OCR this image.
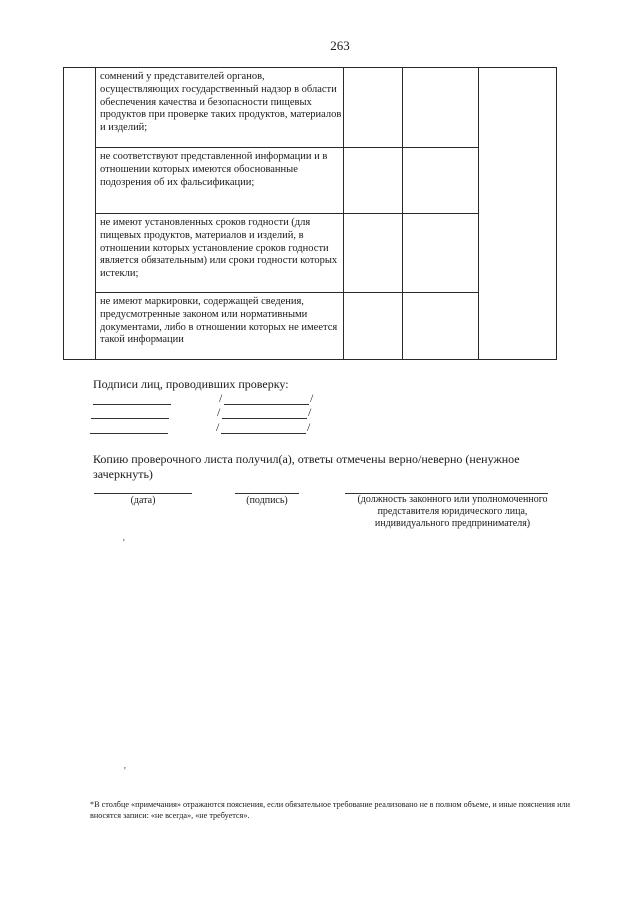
263
	сомнений у представителей органов, осуществляющих государственный надзор в области обеспечения качества и безопасности пищевых продуктов при проверке таких продуктов, материалов и изделий;			
	не соответствуют представленной информации и в отношении которых имеются обоснованные подозрения об их фальсификации;			
	не имеют установленных сроков годности (для пищевых продуктов, материалов и изделий, в отношении которых установление сроков годности является обязательным) или сроки годности которых истекли;			
	не имеют маркировки, содержащей сведения, предусмотренные законом или нормативными документами, либо в отношении которых не имеется такой информации			
Подписи лиц, проводивших проверку:
/	/
/	/
/	/
Копию проверочного листа получил(а), ответы отмечены верно/неверно (ненужное зачеркнуть)
(дата)	(подпись)	(должность законного или уполномоченного представителя юридического лица, индивидуального предпринимателя)
'
'
*В столбце «примечания» отражаются пояснения, если обязательное требование реализовано не в полном объеме, и иные пояснения или вносятся записи: «не всегда», «не требуется».
